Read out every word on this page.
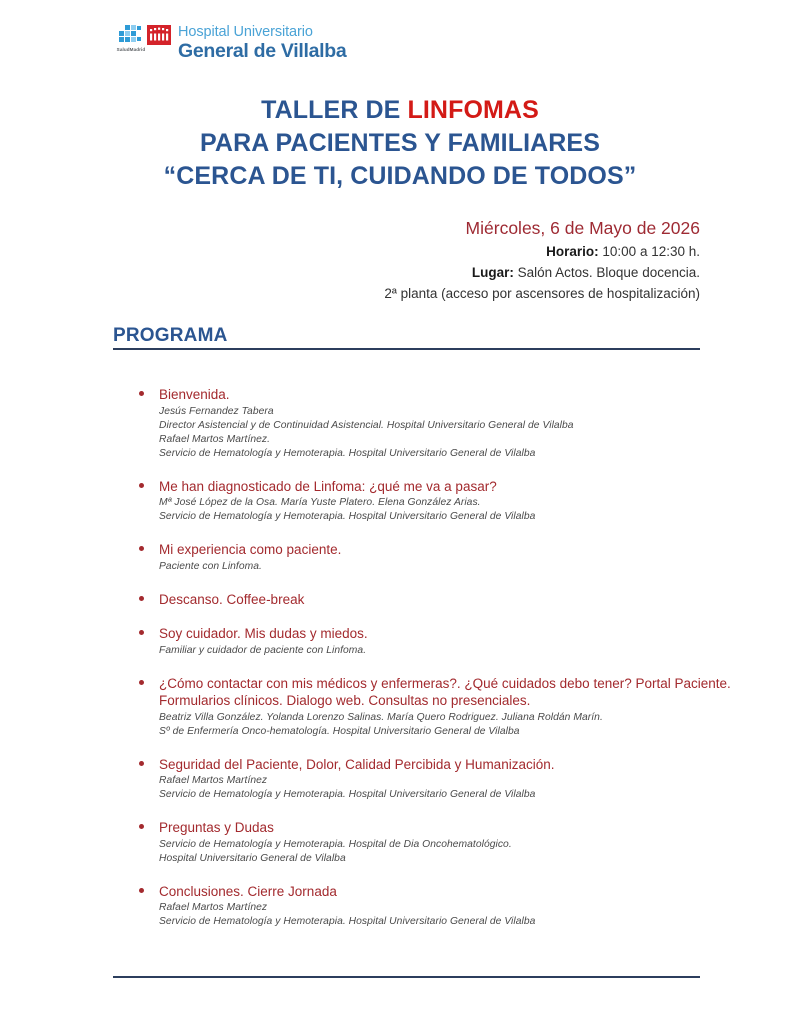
SaludMadrid
Hospital Universitario
General de Villalba
TALLER DE LINFOMAS
PARA PACIENTES Y FAMILIARES
“CERCA DE TI, CUIDANDO DE TODOS”
Miércoles, 6 de Mayo de 2026
Horario: 10:00 a 12:30 h.
Lugar: Salón Actos. Bloque docencia.
2ª planta (acceso por ascensores de hospitalización)
PROGRAMA
Bienvenida.
Jesús Fernandez Tabera
Director Asistencial y de Continuidad Asistencial. Hospital Universitario General de Vilalba
Rafael Martos Martínez.
Servicio de Hematología y Hemoterapia. Hospital Universitario General de Vilalba
Me han diagnosticado de Linfoma: ¿qué me va a pasar?
Mª José López de la Osa. María Yuste Platero. Elena González Arias.
Servicio de Hematología y Hemoterapia. Hospital Universitario General de Vilalba
Mi experiencia como paciente.
Paciente con Linfoma.
Descanso. Coffee-break
Soy cuidador. Mis dudas y miedos.
Familiar y cuidador de paciente con Linfoma.
¿Cómo contactar con mis médicos y enfermeras?. ¿Qué cuidados debo tener? Portal Paciente. Formularios clínicos. Dialogo web. Consultas no presenciales.
Beatriz Villa González. Yolanda Lorenzo Salinas. María Quero Rodriguez. Juliana Roldán Marín.
Sº de Enfermería Onco-hematología. Hospital Universitario General de Vilalba
Seguridad del Paciente, Dolor, Calidad Percibida y Humanización.
Rafael Martos Martínez
Servicio de Hematología y Hemoterapia. Hospital Universitario General de Vilalba
Preguntas y Dudas
Servicio de Hematología y Hemoterapia. Hospital de Dia Oncohematológico.
Hospital Universitario General de Vilalba
Conclusiones. Cierre Jornada
Rafael Martos Martínez
Servicio de Hematología y Hemoterapia. Hospital Universitario General de Vilalba
